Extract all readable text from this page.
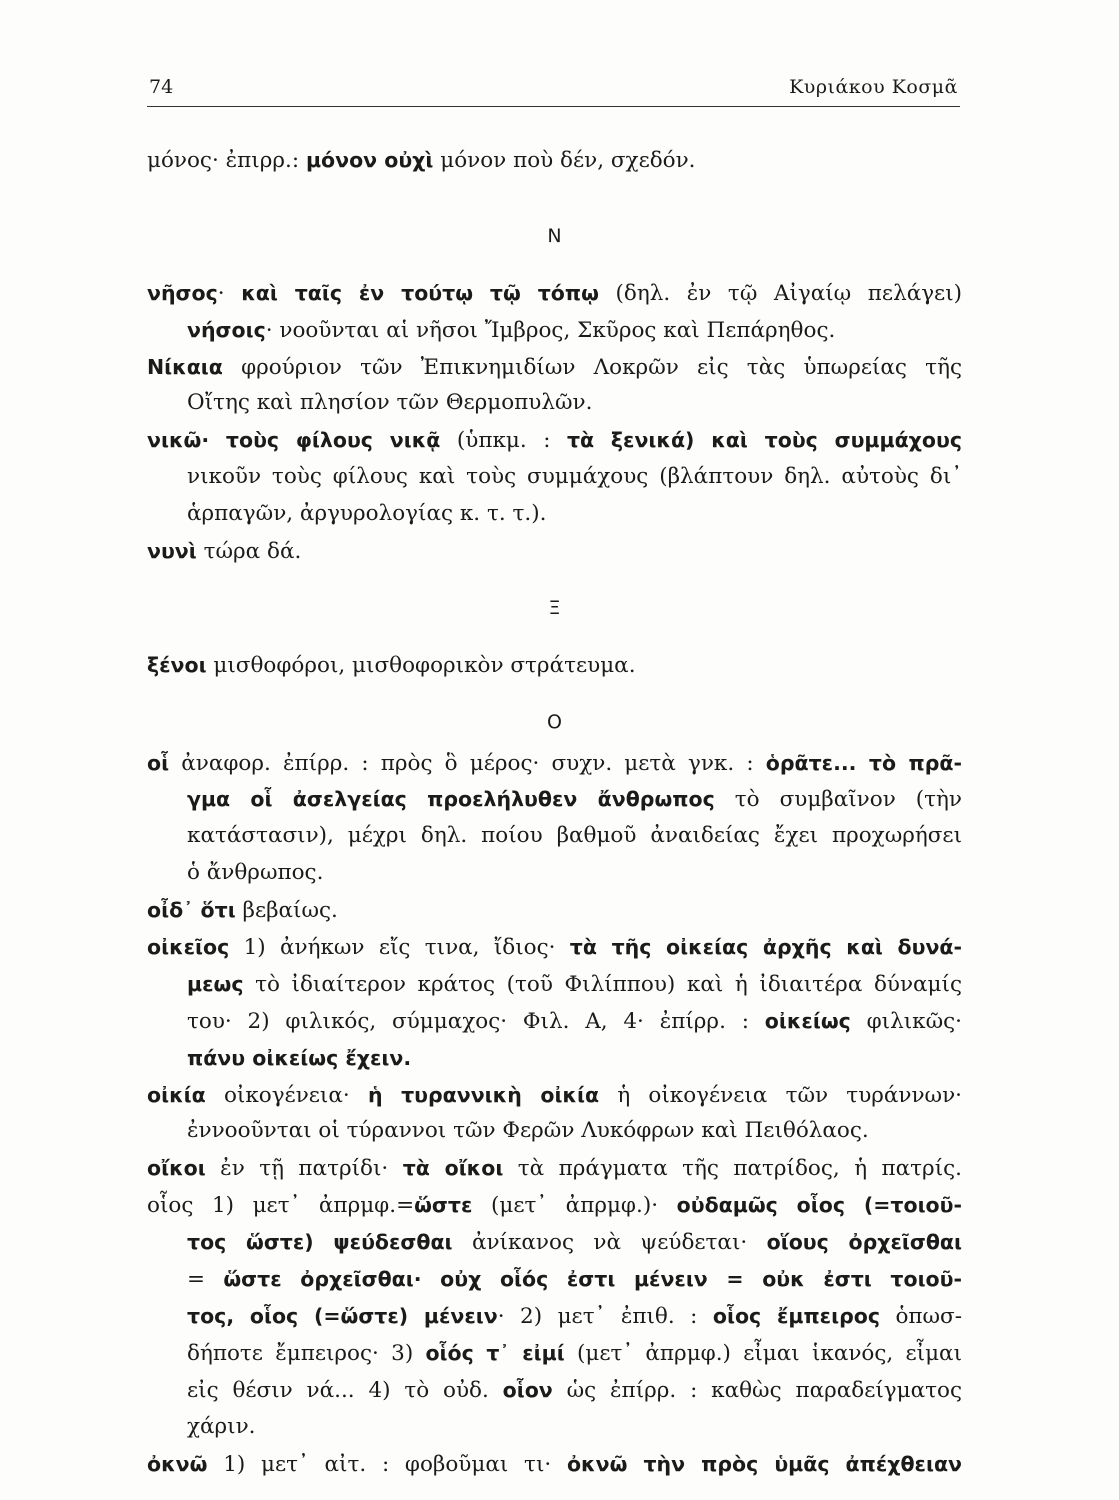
74	Κυριάκου Κοσμᾶ
μόνος· ἐπιρρ.: μόνον οὐχὶ μόνον ποὺ δέν, σχεδόν.
Ν
νῆσος· καὶ ταῖς ἐν τούτῳ τῷ τόπῳ (δηλ. ἐν τῷ Αἰγαίῳ πελάγει)
νήσοις· νοοῦνται αἱ νῆσοι Ἴμβρος, Σκῦρος καὶ Πεπάρηθος.
Νίκαια φρούριον τῶν Ἐπικνημιδίων Λοκρῶν εἰς τὰς ὑπωρείας τῆς
Οἴτης καὶ πλησίον τῶν Θερμοπυλῶν.
νικῶ· τοὺς φίλους νικᾷ (ὑπκμ. : τὰ ξενικά) καὶ τοὺς συμμάχους
νικοῦν τοὺς φίλους καὶ τοὺς συμμάχους (βλάπτουν δηλ. αὐτοὺς δι᾽
ἁρπαγῶν, ἀργυρολογίας κ. τ. τ.).
νυνὶ τώρα δά.
Ξ
ξένοι μισθοφόροι, μισθοφορικὸν στράτευμα.
Ο
οἷ ἀναφορ. ἐπίρρ. : πρὸς ὃ μέρος· συχν. μετὰ γνκ. : ὁρᾶτε... τὸ πρᾶ-
γμα οἷ ἀσελγείας προελήλυθεν ἄνθρωπος τὸ συμβαῖνον (τὴν
κατάστασιν), μέχρι δηλ. ποίου βαθμοῦ ἀναιδείας ἔχει προχωρήσει
ὁ ἄνθρωπος.
οἶδ᾽ ὅτι βεβαίως.
οἰκεῖος 1) ἀνήκων εἴς τινα, ἴδιος· τὰ τῆς οἰκείας ἀρχῆς καὶ δυνά-
μεως τὸ ἰδιαίτερον κράτος (τοῦ Φιλίππου) καὶ ἡ ἰδιαιτέρα δύναμίς
του· 2) φιλικός, σύμμαχος· Φιλ. Α, 4· ἐπίρρ. : οἰκείως φιλικῶς·
πάνυ οἰκείως ἔχειν.
οἰκία οἰκογένεια· ἡ τυραννικὴ οἰκία ἡ οἰκογένεια τῶν τυράννων·
ἐννοοῦνται οἱ τύραννοι τῶν Φερῶν Λυκόφρων καὶ Πειθόλαος.
οἴκοι ἐν τῇ πατρίδι· τὰ οἴκοι τὰ πράγματα τῆς πατρίδος, ἡ πατρίς.
οἷος 1) μετ᾽ ἀπρμφ.=ὥστε (μετ᾽ ἀπρμφ.)· οὐδαμῶς οἷος (=τοιοῦ-
τος ὥστε) ψεύδεσθαι ἀνίκανος νὰ ψεύδεται· οἵους ὀρχεῖσθαι
= ὥστε ὀρχεῖσθαι· οὐχ οἷός ἐστι μένειν = οὐκ ἐστι τοιοῦ-
τος, οἷος (=ὥστε) μένειν· 2) μετ᾽ ἐπιθ. : οἷος ἔμπειρος ὁπωσ-
δήποτε ἔμπειρος· 3) οἷός τ᾽ εἰμί (μετ᾽ ἀπρμφ.) εἶμαι ἱκανός, εἶμαι
εἰς θέσιν νά... 4) τὸ οὐδ. οἷον ὡς ἐπίρρ. : καθὼς παραδείγματος
χάριν.
ὀκνῶ 1) μετ᾽ αἰτ. : φοβοῦμαι τι· ὀκνῶ τὴν πρὸς ὑμᾶς ἀπέχθειαν
